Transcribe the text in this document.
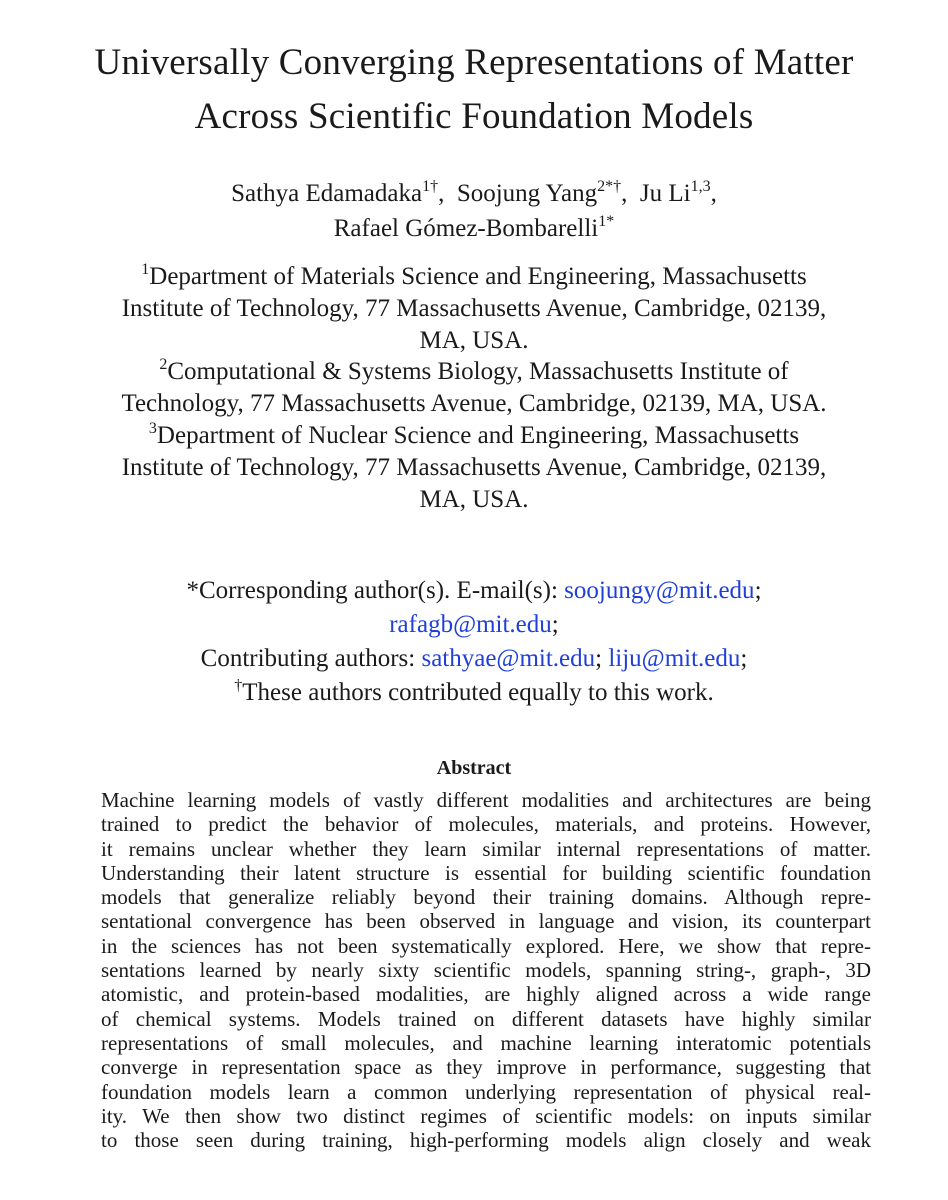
Universally Converging Representations of Matter
Across Scientific Foundation Models
Sathya Edamadaka$^{1\dagger}$, Soojung Yang$^{2*\dagger}$, Ju Li$^{1,3}$,
Rafael Gómez-Bombarelli$^{1*}$
$^1$Department of Materials Science and Engineering, Massachusetts
Institute of Technology, 77 Massachusetts Avenue, Cambridge, 02139,
MA, USA.
$^2$Computational & Systems Biology, Massachusetts Institute of
Technology, 77 Massachusetts Avenue, Cambridge, 02139, MA, USA.
$^3$Department of Nuclear Science and Engineering, Massachusetts
Institute of Technology, 77 Massachusetts Avenue, Cambridge, 02139,
MA, USA.
*Corresponding author(s). E-mail(s): soojungy@mit.edu;
rafagb@mit.edu;
Contributing authors: sathyae@mit.edu; liju@mit.edu;
†These authors contributed equally to this work.
Abstract
Machine learning models of vastly different modalities and architectures are being
trained to predict the behavior of molecules, materials, and proteins. However,
it remains unclear whether they learn similar internal representations of matter.
Understanding their latent structure is essential for building scientific foundation
models that generalize reliably beyond their training domains. Although repre-
sentational convergence has been observed in language and vision, its counterpart
in the sciences has not been systematically explored. Here, we show that repre-
sentations learned by nearly sixty scientific models, spanning string-, graph-, 3D
atomistic, and protein-based modalities, are highly aligned across a wide range
of chemical systems. Models trained on different datasets have highly similar
representations of small molecules, and machine learning interatomic potentials
converge in representation space as they improve in performance, suggesting that
foundation models learn a common underlying representation of physical real-
ity. We then show two distinct regimes of scientific models: on inputs similar
to those seen during training, high-performing models align closely and weak
